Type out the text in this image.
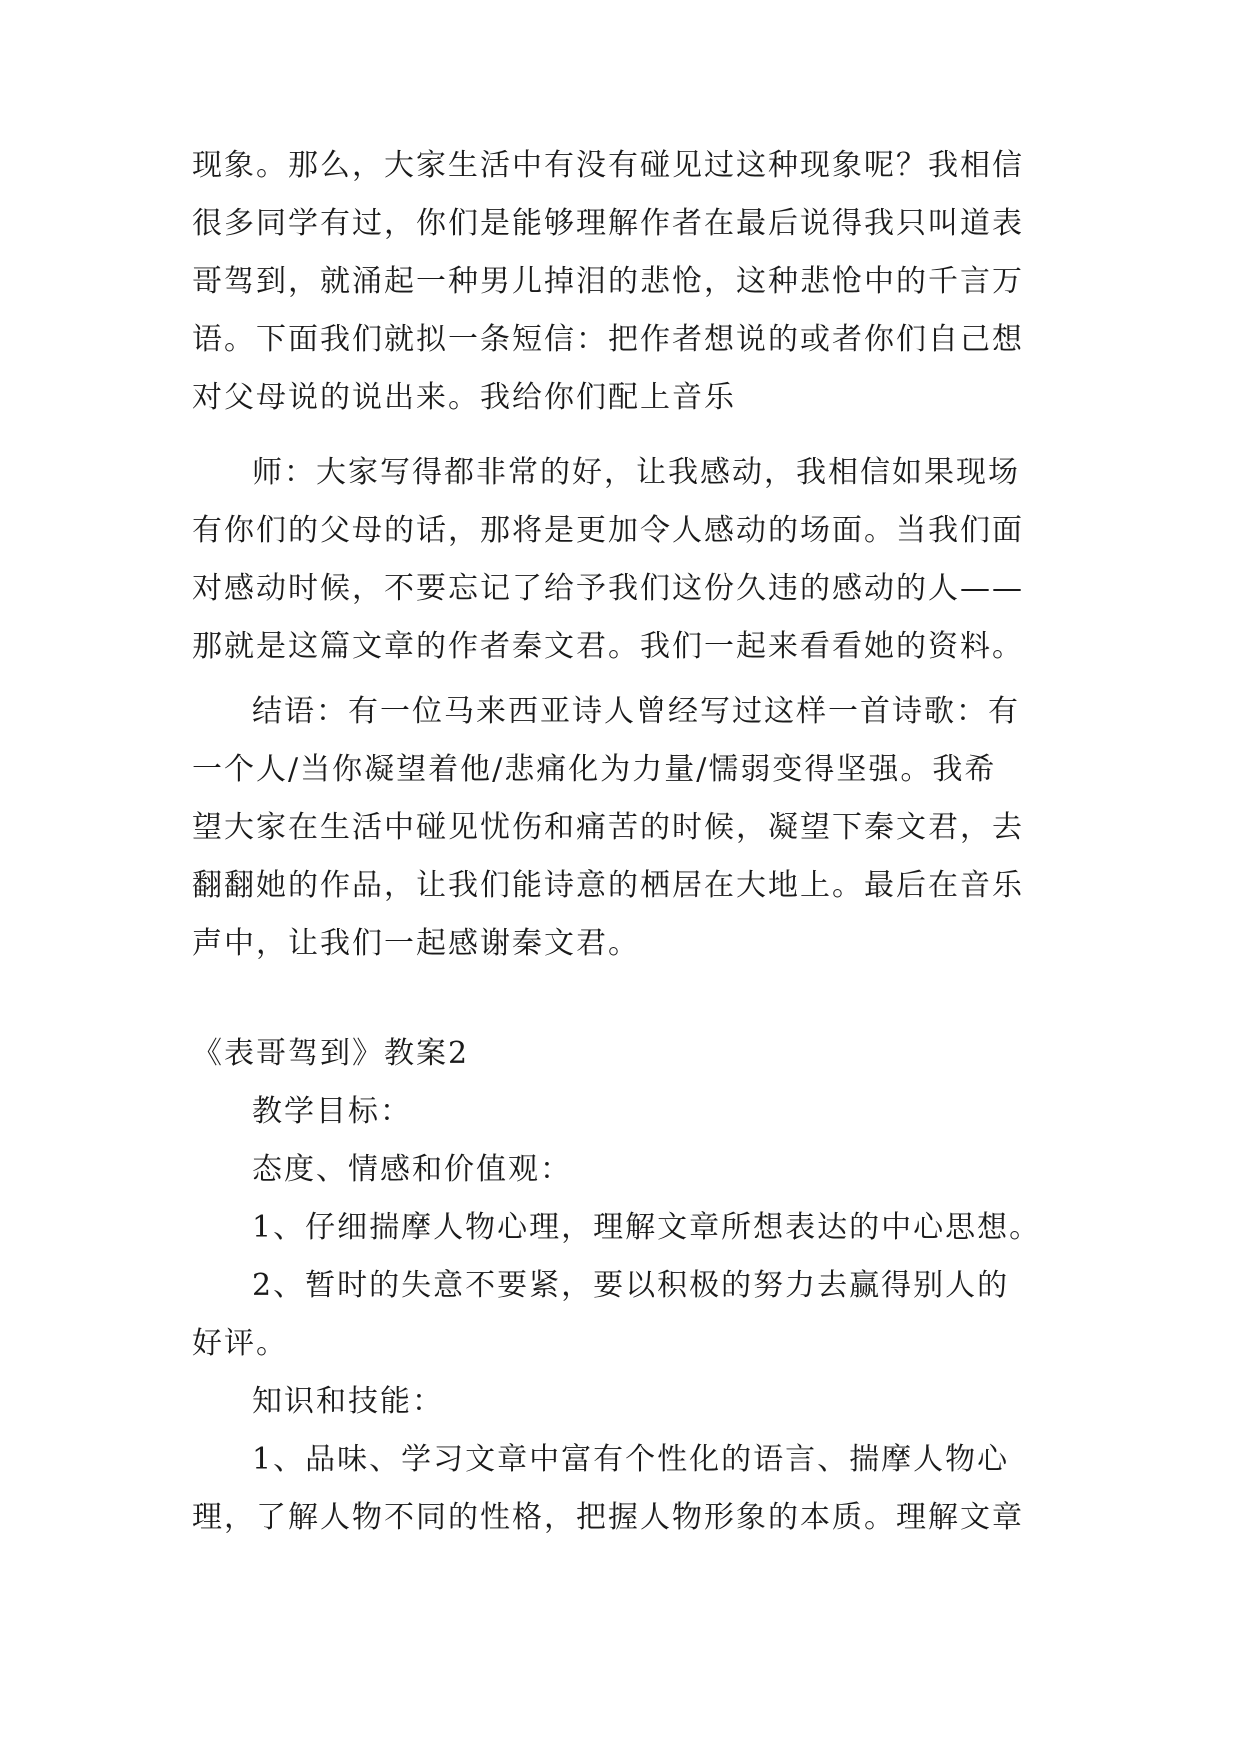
现象。那么，大家生活中有没有碰见过这种现象呢？我相信
很多同学有过，你们是能够理解作者在最后说得我只叫道表
哥驾到，就涌起一种男儿掉泪的悲怆，这种悲怆中的千言万
语。下面我们就拟一条短信：把作者想说的或者你们自己想
对父母说的说出来。我给你们配上音乐
师：大家写得都非常的好，让我感动，我相信如果现场
有你们的父母的话，那将是更加令人感动的场面。当我们面
对感动时候，不要忘记了给予我们这份久违的感动的人——
那就是这篇文章的作者秦文君。我们一起来看看她的资料。
结语：有一位马来西亚诗人曾经写过这样一首诗歌：有
一个人/当你凝望着他/悲痛化为力量/懦弱变得坚强。我希
望大家在生活中碰见忧伤和痛苦的时候，凝望下秦文君，去
翻翻她的作品，让我们能诗意的栖居在大地上。最后在音乐
声中，让我们一起感谢秦文君。
《表哥驾到》教案2
教学目标：
态度、情感和价值观：
1、仔细揣摩人物心理，理解文章所想表达的中心思想。
2、暂时的失意不要紧，要以积极的努力去赢得别人的
好评。
知识和技能：
1、品味、学习文章中富有个性化的语言、揣摩人物心
理，了解人物不同的性格，把握人物形象的本质。理解文章
